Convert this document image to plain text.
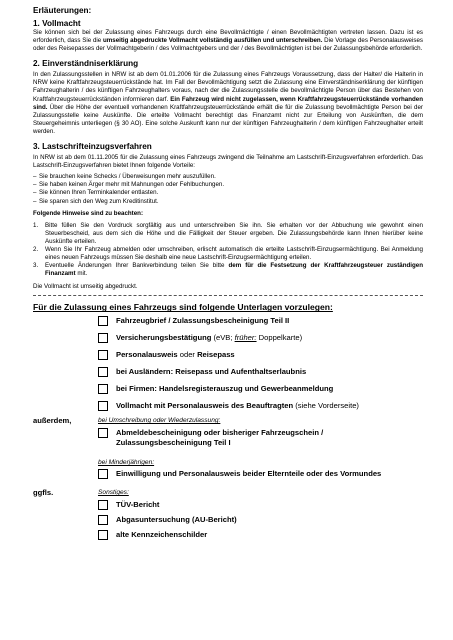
Erläuterungen:
1. Vollmacht

Sie können sich bei der Zulassung eines Fahrzeugs durch eine Bevollmächtigte / einen Bevollmächtigten vertreten lassen. Dazu ist es erforderlich, dass Sie die umseitig abgedruckte Vollmacht vollständig ausfüllen und unterschreiben. Die Vorlage des Personalausweises oder des Reisepasses der Vollmachtgeberin / des Vollmachtgebers und der / des Bevollmächtigten ist bei der Zulassungsbehörde erforderlich.

2. Einverständniserklärung

In den Zulassungsstellen in NRW ist ab dem 01.01.2006 für die Zulassung eines Fahrzeugs Voraussetzung, dass der Halter/ die Halterin in NRW keine Kraftfahrzeugsteuerrückstände hat. Im Fall der Bevollmächtigung setzt die Zulassung eine Einverständniserklärung der künftigen Fahrzeughalterin / des künftigen Fahrzeughalters voraus, nach der die Zulassungsstelle die bevollmächtigte Person über das Bestehen von Kraftfahrzeugsteuerrückständen informieren darf. Ein Fahrzeug wird nicht zugelassen, wenn Kraftfahrzeugsteuerrückstände vorhanden sind. Über die Höhe der eventuell vorhandenen Kraftfahrzeugsteuerrückstände erhält die für die Zulassung bevollmächtigte Person bei der Zulassungsstelle keine Auskünfte. Die erteilte Vollmacht berechtigt das Finanzamt nicht zur Erteilung von Auskünften, die dem Steuergeheimnis unterliegen (§ 30 AO). Eine solche Auskunft kann nur der künftigen Fahrzeughalterin / dem künftigen Fahrzeughalter erteilt werden.

3. Lastschrifteinzugsverfahren

In NRW ist ab dem 01.11.2005 für die Zulassung eines Fahrzeugs zwingend die Teilnahme am Lastschrift-Einzugsverfahren erforderlich. Das Lastschrift-Einzugsverfahren bietet Ihnen folgende Vorteile:

– Sie brauchen keine Schecks / Überweisungen mehr auszufüllen.
– Sie haben keinen Ärger mehr mit Mahnungen oder Fehlbuchungen.
– Sie können Ihren Terminkalender entlasten.
– Sie sparen sich den Weg zum Kreditinstitut.
Folgende Hinweise sind zu beachten:
1. Bitte füllen Sie den Vordruck sorgfältig aus und unterschreiben Sie ihn. Sie erhalten vor der Abbuchung wie gewohnt einen Steuerbescheid, aus dem sich die Höhe und die Fälligkeit der Steuer ergeben. Die Zulassungsbehörde kann Ihnen hierüber keine Auskünfte erteilen.
2. Wenn Sie Ihr Fahrzeug abmelden oder umschreiben, erlischt automatisch die erteilte Lastschrift-Einzugsermächtigung. Bei Anmeldung eines neuen Fahrzeugs müssen Sie deshalb eine neue Lastschrift-Einzugsermächtigung erteilen.
3. Eventuelle Änderungen Ihrer Bankverbindung teilen Sie bitte dem für die Festsetzung der Kraftfahrzeugsteuer zuständigen Finanzamt mit.
Die Vollmacht ist umseitig abgedruckt.
Für die Zulassung eines Fahrzeugs sind folgende Unterlagen vorzulegen:
Fahrzeugbrief / Zulassungsbescheinigung Teil II
Versicherungsbestätigung (eVB; früher: Doppelkarte)
Personalausweis oder Reisepass
bei Ausländern: Reisepass und Aufenthaltserlaubnis
bei Firmen: Handelsregisterauszug und Gewerbeanmeldung
Vollmacht mit Personalausweis des Beauftragten (siehe Vorderseite)
außerdem,	bei Umschreibung oder Wiederzulassung:
Abmeldebescheinigung oder bisheriger Fahrzeugschein /
Zulassungsbescheinigung Teil I
bei Minderjährigen:
Einwilligung und Personalausweis beider Elternteile oder des Vormundes
ggfls.	Sonstiges:
TÜV-Bericht
Abgasuntersuchung (AU-Bericht)
alte Kennzeichenschilder
